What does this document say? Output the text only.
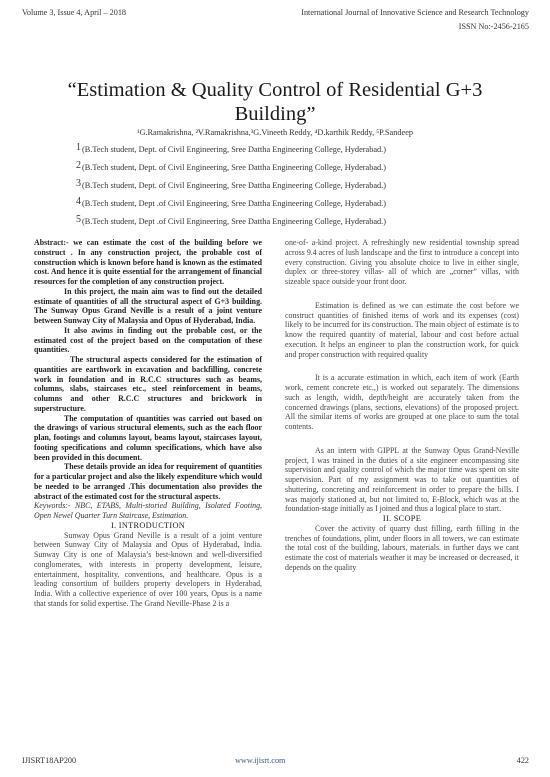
Volume 3, Issue 4, April – 2018	International Journal of Innovative Science and Research Technology
ISSN No:-2456-2165
“Estimation & Quality Control of Residential G+3
Building”
¹G.Ramakrishna, ²V.Ramakrishna,³G.Vineeth Reddy, ⁴D.karthik Reddy, ⁵P.Sandeep
$^1$(B.Tech student, Dept. of Civil Engineering, Sree Dattha Engineering College, Hyderabad.)
$^2$(B.Tech student, Dept. of Civil Engineering, Sree Dattha Engineering College, Hyderabad.)
$^3$(B.Tech student, Dept. of Civil Engineering, Sree Dattha Engineering College, Hyderabad.)
$^4$(B.Tech student, Dept .of Civil Engineering, Sree Dattha Engineering College, Hyderabad.)
$^5$(B.Tech student, Dept .of Civil Engineering, Sree Dattha Engineering College, Hyderabad.)

Abstract:- we can estimate the cost of the building before we construct . In any construction project, the probable cost of construction which is known before hand is known as the estimated cost. And hence it is quite essential for the arrangement of financial resources for the completion of any construction project.

In this project, the main aim was to find out the detailed estimate of quantities of all the structural aspect of G+3 building. The Sunway Opus Grand Neville is a result of a joint venture between Sunway City of Malaysia and Opus of Hyderabad, India.

It also awims in finding out the probable cost, or the estimated cost of the project based on the computation of these quantities.

The structural aspects considered for the estimation of quantities are earthwork in excavation and backfilling, concrete work in foundation and in R.C.C structures such as beams, columns, slabs, staircases etc., steel reinforcement in beams, columns and other R.C.C structures and brickwork in superstructure.

The computation of quantities was carried out based on the drawings of various structural elements, such as the each floor plan, footings and columns layout, beams layout, staircases layout, footing specifications and column specifications, which have also been provided in this document.

These details provide an idea for requirement of quantities for a particular project and also the likely expenditure which would be needed to be arranged .This documentation also provides the abstract of the estimated cost for the structural aspects.

Keywords:- NBC, ETABS, Multi-storied Building, Isolated Footing, Open Newel Quarter Turn Staircase, Estimation.

I. INTRODUCTION

Sunway Opus Grand Neville is a result of a joint venture between Sunway City of Malaysia and Opus of Hyderabad, India. Sunway City is one of Malaysia’s best-known and well-diversified conglomerates, with interests in property development, leisure, entertainment, hospitality, conventions, and healthcare. Opus is a leading consortium of builders property developers in Hyderabad, India. With a collective experience of over 100 years, Opus is a name that stands for solid expertise. The Grand Neville-Phase 2 is a

one-of- a-kind project. A refreshingly new residential township spread across 9.4 acres of lush landscape and the first to introduce a concept into every construction. Giving you absolute choice to live in either single, duplex or three-storey villas- all of which are „corner” villas, with sizeable space outside your front door.

Estimation is defined as we can estimate the cost before we construct quantities of finished items of work and its expenses (cost) likely to be incurred for its construction. The main object of estimate is to know the required quantity of material, labour and cost before actual execution. It helps an engineer to plan the construction work, for quick and proper construction with required quality

It is a accurate estimation in which, each item of work (Earth work, cement concrete etc.,) is worked out separately. The dimensions such as length, width, depth/height are accurately taken from the concerned drawings (plans, sections, elevations) of the proposed project. All the similar items of works are grouped at one place to sum the total contents.

As an intern with GIPPL at the Sunway Opus Grand-Neville project, I was trained in the duties of a site engineer encompassing site supervision and quality control of which the major time was spent on site supervision. Part of my assignment was to take out quantities of shuttering, concreting and reinforcement in order to prepare the bills. I was majorly stationed at, but not limited to, E-Block, which was at the foundation-stage initially as I joined and thus a logical place to start.

II. SCOPE

Cover the activity of quarry dust filling, earth filling in the trenches of foundations, plint, under floors in all towers, we can estimate the total cost of the building, labours, materials. in further days we cant estimate the cost of materials weather it may be increased or decreased, it depends on the quality

IJISRT18AP200	www.ijisrt.com	422
